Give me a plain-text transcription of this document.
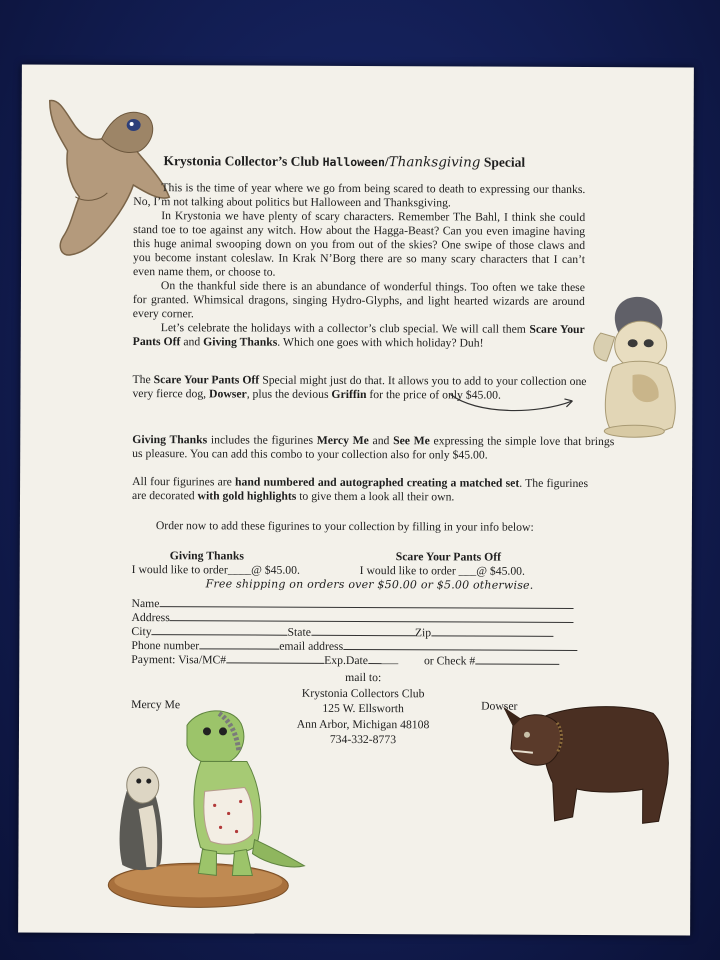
Krystonia Collector’s Club Halloween/Thanksgiving Special

This is the time of year where we go from being scared to death to expressing our thanks. No, I’m not talking about politics but Halloween and Thanksgiving.

In Krystonia we have plenty of scary characters. Remember The Bahl, I think she could stand toe to toe against any witch. How about the Hagga-Beast? Can you even imagine having this huge animal swooping down on you from out of the skies? One swipe of those claws and you become instant coleslaw. In Krak N’Borg there are so many scary characters that I can’t even name them, or choose to.

On the thankful side there is an abundance of wonderful things. Too often we take these for granted. Whimsical dragons, singing Hydro-Glyphs, and light hearted wizards are around every corner.

Let’s celebrate the holidays with a collector’s club special. We will call them Scare Your Pants Off and Giving Thanks. Which one goes with which holiday? Duh!

The Scare Your Pants Off Special might just do that. It allows you to add to your collection one very fierce dog, Dowser, plus the devious Griffin for the price of only $45.00.
Giving Thanks includes the figurines Mercy Me and See Me expressing the simple love that brings us pleasure. You can add this combo to your collection also for only $45.00.
All four figurines are hand numbered and autographed creating a matched set. The figurines are decorated with gold highlights to give them a look all their own.
Order now to add these figurines to your collection by filling in your info below:
Giving Thanks
I would like to order____@ $45.00.
Scare Your Pants Off
I would like to order ___@ $45.00.
Free shipping on orders over $50.00 or $5.00 otherwise.
Name
Address
City	State	Zip
Phone number	email address
Payment: Visa/MC#	Exp.Date	or Check #
mail to:
Krystonia Collectors Club
125 W. Ellsworth
Ann Arbor, Michigan 48108
734-332-8773
Mercy Me	Dowser
